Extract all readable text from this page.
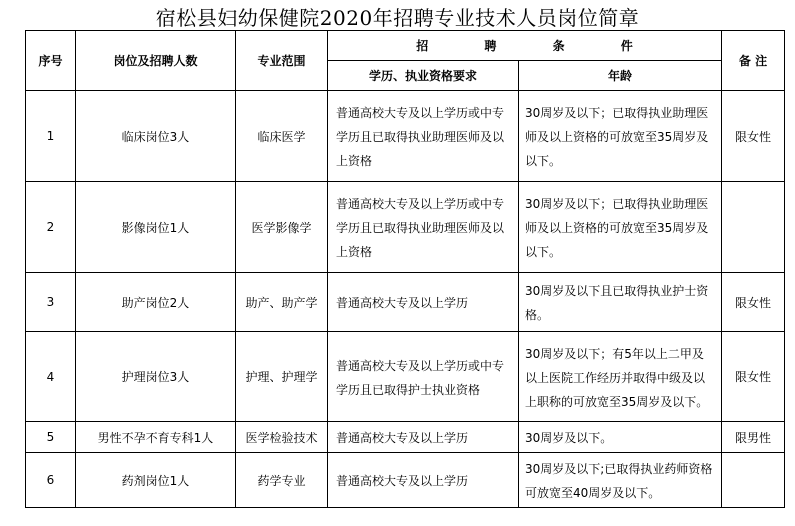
宿松县妇幼保健院2020年招聘专业技术人员岗位简章
序号	岗位及招聘人数	专业范围	招 聘 条 件		备 注
			学历、执业资格要求	年龄	
1	临床岗位3人	临床医学	普通高校大专及以上学历或中专学历且已取得执业助理医师及以上资格	30周岁及以下；已取得执业助理医师及以上资格的可放宽至35周岁及以下。	限女性
2	影像岗位1人	医学影像学	普通高校大专及以上学历或中专学历且已取得执业助理医师及以上资格	30周岁及以下；已取得执业助理医师及以上资格的可放宽至35周岁及以下。	
3	助产岗位2人	助产、助产学	普通高校大专及以上学历	30周岁及以下且已取得执业护士资格。	限女性
4	护理岗位3人	护理、护理学	普通高校大专及以上学历或中专学历且已取得护士执业资格	30周岁及以下；有5年以上二甲及以上医院工作经历并取得中级及以上职称的可放宽至35周岁及以下。	限女性
5	男性不孕不育专科1人	医学检验技术	普通高校大专及以上学历	30周岁及以下。	限男性
6	药剂岗位1人	药学专业	普通高校大专及以上学历	30周岁及以下;已取得执业药师资格可放宽至40周岁及以下。	
